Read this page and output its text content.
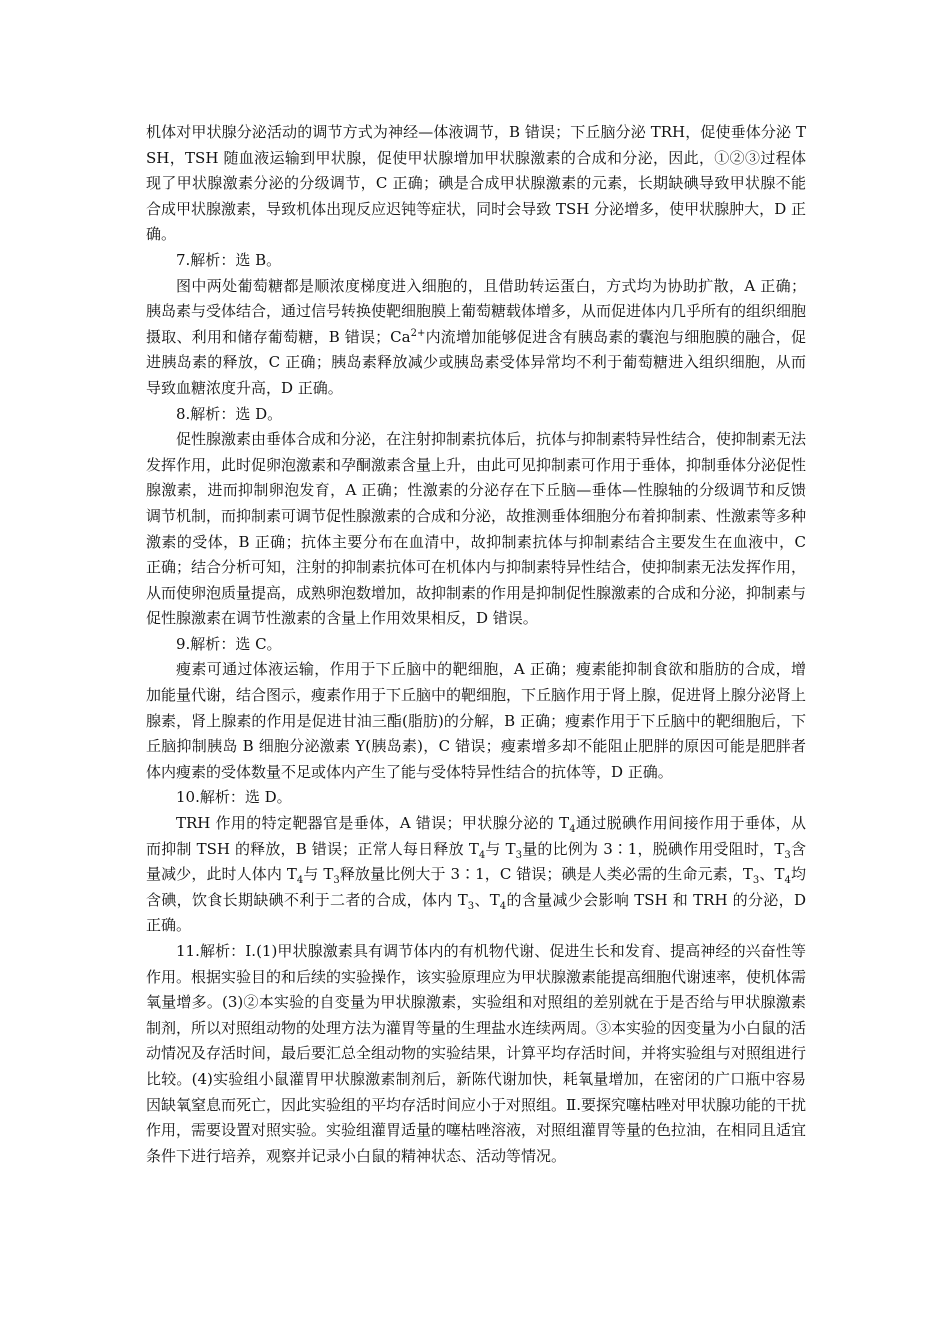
机体对甲状腺分泌活动的调节方式为神经—体液调节，B 错误；下丘脑分泌 TRH，促使垂体分泌 TSH，TSH 随血液运输到甲状腺，促使甲状腺增加甲状腺激素的合成和分泌，因此，①②③过程体现了甲状腺激素分泌的分级调节，C 正确；碘是合成甲状腺激素的元素，长期缺碘导致甲状腺不能合成甲状腺激素，导致机体出现反应迟钝等症状，同时会导致 TSH 分泌增多，使甲状腺肿大，D 正确。

7.解析：选 B。

图中两处葡萄糖都是顺浓度梯度进入细胞的，且借助转运蛋白，方式均为协助扩散，A 正确；胰岛素与受体结合，通过信号转换使靶细胞膜上葡萄糖载体增多，从而促进体内几乎所有的组织细胞摄取、利用和储存葡萄糖，B 错误；$Ca^{2+}$内流增加能够促进含有胰岛素的囊泡与细胞膜的融合，促进胰岛素的释放，C 正确；胰岛素释放减少或胰岛素受体异常均不利于葡萄糖进入组织细胞，从而导致血糖浓度升高，D 正确。

8.解析：选 D。

促性腺激素由垂体合成和分泌，在注射抑制素抗体后，抗体与抑制素特异性结合，使抑制素无法发挥作用，此时促卵泡激素和孕酮激素含量上升，由此可见抑制素可作用于垂体，抑制垂体分泌促性腺激素，进而抑制卵泡发育，A 正确；性激素的分泌存在下丘脑—垂体—性腺轴的分级调节和反馈调节机制，而抑制素可调节促性腺激素的合成和分泌，故推测垂体细胞分布着抑制素、性激素等多种激素的受体，B 正确；抗体主要分布在血清中，故抑制素抗体与抑制素结合主要发生在血液中，C 正确；结合分析可知，注射的抑制素抗体可在机体内与抑制素特异性结合，使抑制素无法发挥作用，从而使卵泡质量提高，成熟卵泡数增加，故抑制素的作用是抑制促性腺激素的合成和分泌，抑制素与促性腺激素在调节性激素的含量上作用效果相反，D 错误。

9.解析：选 C。

瘦素可通过体液运输，作用于下丘脑中的靶细胞，A 正确；瘦素能抑制食欲和脂肪的合成，增加能量代谢，结合图示，瘦素作用于下丘脑中的靶细胞，下丘脑作用于肾上腺，促进肾上腺分泌肾上腺素，肾上腺素的作用是促进甘油三酯(脂肪)的分解，B 正确；瘦素作用于下丘脑中的靶细胞后，下丘脑抑制胰岛 B 细胞分泌激素 Y(胰岛素)，C 错误；瘦素增多却不能阻止肥胖的原因可能是肥胖者体内瘦素的受体数量不足或体内产生了能与受体特异性结合的抗体等，D 正确。

10.解析：选 D。

TRH 作用的特定靶器官是垂体，A 错误；甲状腺分泌的 $T_4$通过脱碘作用间接作用于垂体，从而抑制 TSH 的释放，B 错误；正常人每日释放 $T_4$与 $T_3$量的比例为 3∶1，脱碘作用受阻时，$T_3$含量减少，此时人体内 $T_4$与 $T_3$释放量比例大于 3∶1，C 错误；碘是人类必需的生命元素，$T_3$、$T_4$均含碘，饮食长期缺碘不利于二者的合成，体内 $T_3$、$T_4$的含量减少会影响 TSH 和 TRH 的分泌，D 正确。

11.解析：Ⅰ.(1)甲状腺激素具有调节体内的有机物代谢、促进生长和发育、提高神经的兴奋性等作用。根据实验目的和后续的实验操作，该实验原理应为甲状腺激素能提高细胞代谢速率，使机体需氧量增多。(3)②本实验的自变量为甲状腺激素，实验组和对照组的差别就在于是否给与甲状腺激素制剂，所以对照组动物的处理方法为灌胃等量的生理盐水连续两周。③本实验的因变量为小白鼠的活动情况及存活时间，最后要汇总全组动物的实验结果，计算平均存活时间，并将实验组与对照组进行比较。(4)实验组小鼠灌胃甲状腺激素制剂后，新陈代谢加快，耗氧量增加，在密闭的广口瓶中容易因缺氧窒息而死亡，因此实验组的平均存活时间应小于对照组。Ⅱ.要探究噻枯唑对甲状腺功能的干扰作用，需要设置对照实验。实验组灌胃适量的噻枯唑溶液，对照组灌胃等量的色拉油，在相同且适宜条件下进行培养，观察并记录小白鼠的精神状态、活动等情况。
